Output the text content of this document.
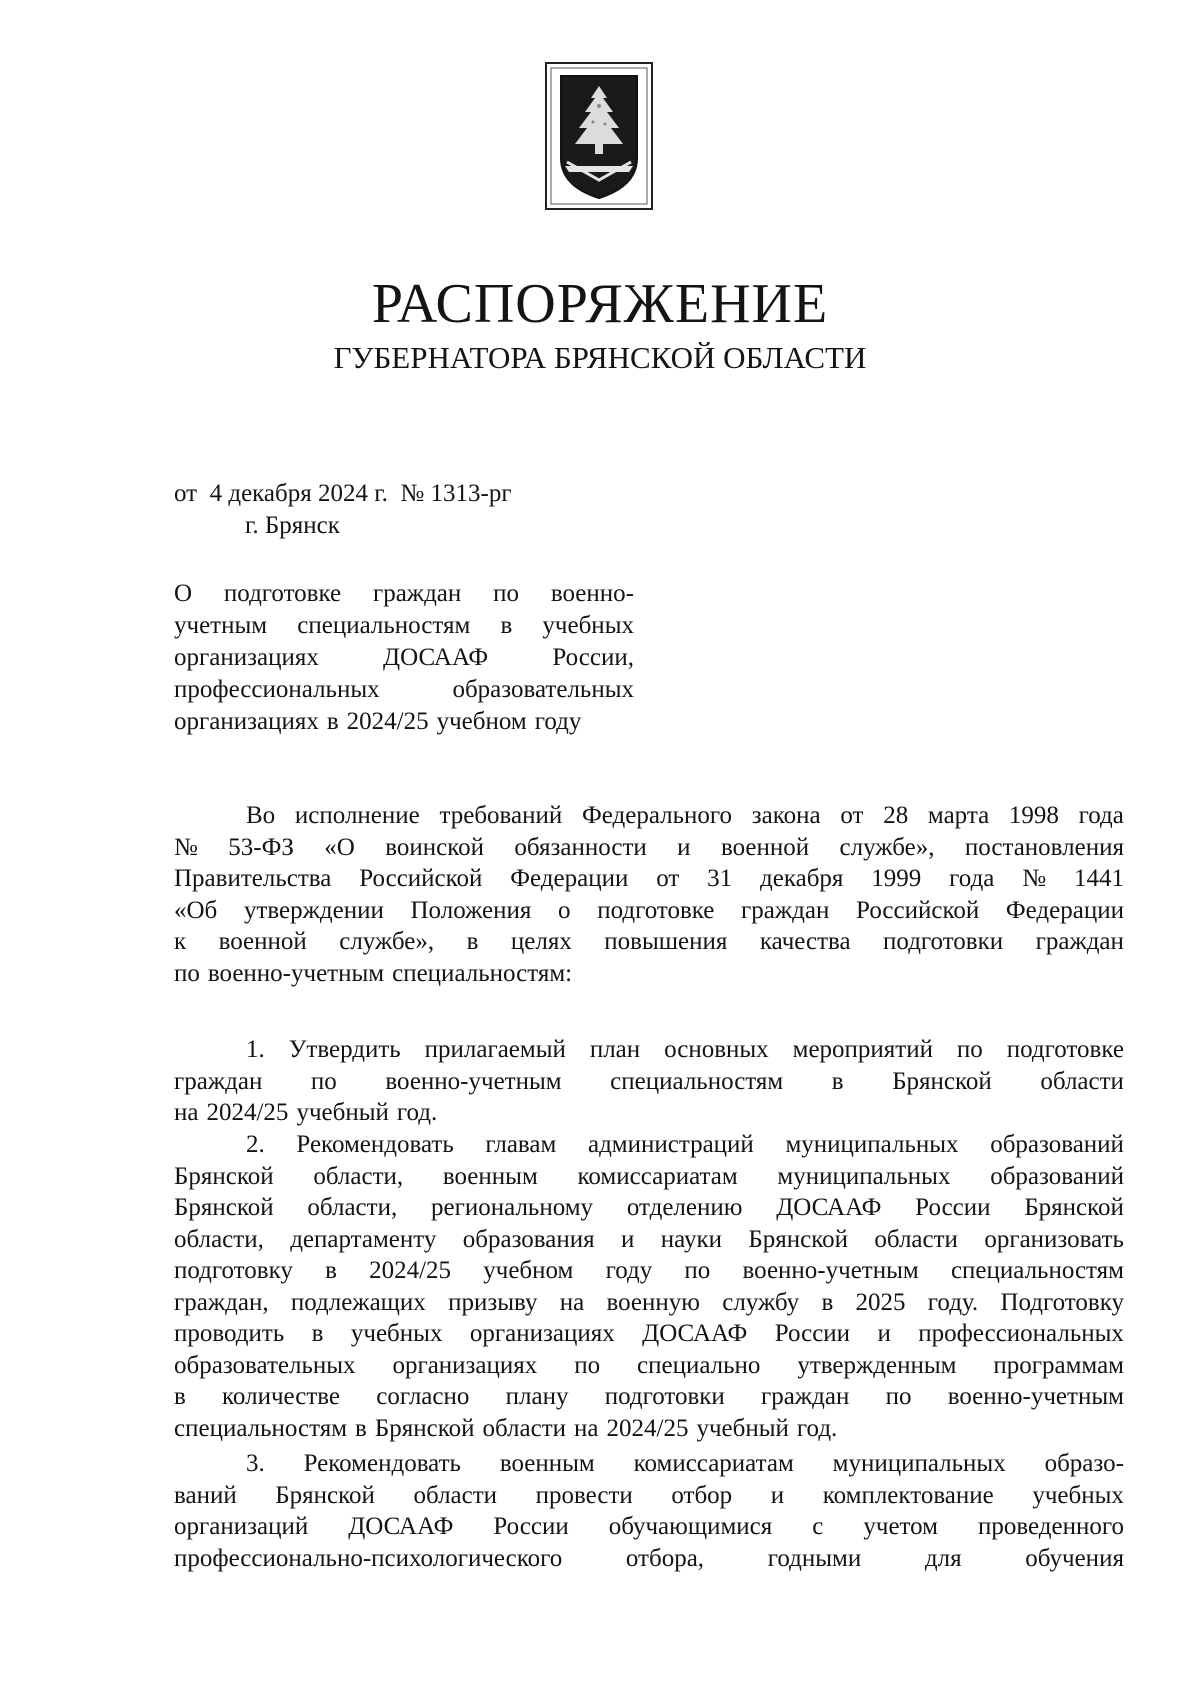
РАСПОРЯЖЕНИЕ
ГУБЕРНАТОРА БРЯНСКОЙ ОБЛАСТИ
от  4 декабря 2024 г.  № 1313-рг
г. Брянск
О подготовке граждан по военно-
учетным специальностям в учебных
организациях	ДОСААФ	России,
профессиональных	образовательных
организациях в 2024/25 учебном году
Во исполнение требований Федерального закона от 28 марта 1998 года
№ 53-ФЗ «О воинской обязанности и военной службе», постановления
Правительства Российской Федерации от 31 декабря 1999 года № 1441
«Об утверждении Положения о подготовке граждан Российской Федерации
к военной службе», в целях повышения качества подготовки граждан
по военно-учетным специальностям:
1. Утвердить прилагаемый план основных мероприятий по подготовке
граждан по военно-учетным специальностям в Брянской области
на 2024/25 учебный год.
2. Рекомендовать главам администраций муниципальных образований
Брянской области, военным комиссариатам муниципальных образований
Брянской области, региональному отделению ДОСААФ России Брянской
области, департаменту образования и науки Брянской области организовать
подготовку в 2024/25 учебном году по военно-учетным специальностям
граждан, подлежащих призыву на военную службу в 2025 году. Подготовку
проводить в учебных организациях ДОСААФ России и профессиональных
образовательных организациях по специально утвержденным программам
в количестве согласно плану подготовки граждан по военно-учетным
специальностям в Брянской области на 2024/25 учебный год.
3. Рекомендовать военным комиссариатам муниципальных образо-
ваний Брянской области провести отбор и комплектование учебных
организаций ДОСААФ России обучающимися с учетом проведенного
профессионально-психологического	отбора,	годными	для	обучения
